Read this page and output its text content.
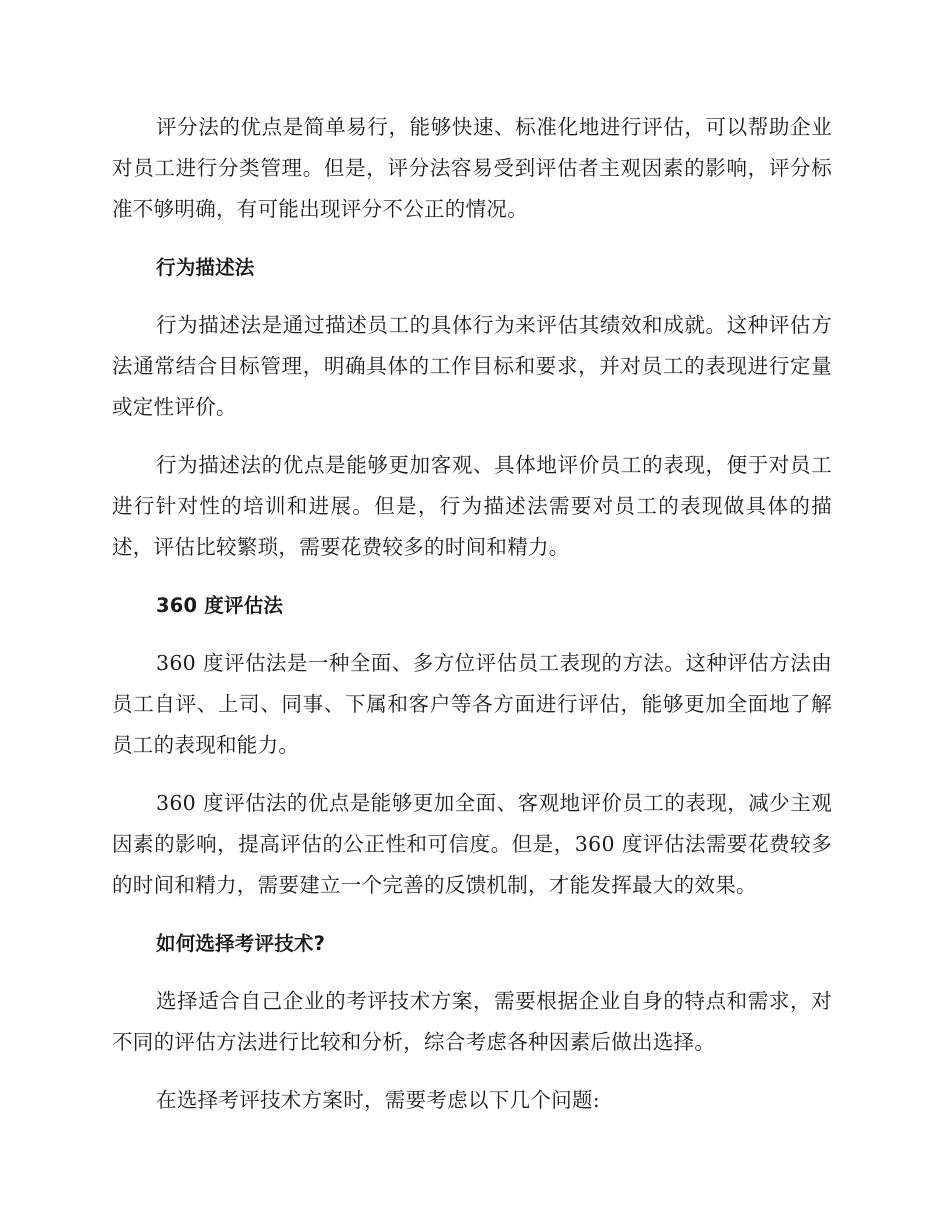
评分法的优点是简单易行，能够快速、标准化地进行评估，可以帮助企业对员工进行分类管理。但是，评分法容易受到评估者主观因素的影响，评分标准不够明确，有可能出现评分不公正的情况。

行为描述法

行为描述法是通过描述员工的具体行为来评估其绩效和成就。这种评估方法通常结合目标管理，明确具体的工作目标和要求，并对员工的表现进行定量或定性评价。

行为描述法的优点是能够更加客观、具体地评价员工的表现，便于对员工进行针对性的培训和进展。但是，行为描述法需要对员工的表现做具体的描述，评估比较繁琐，需要花费较多的时间和精力。

360 度评估法

360 度评估法是一种全面、多方位评估员工表现的方法。这种评估方法由员工自评、上司、同事、下属和客户等各方面进行评估，能够更加全面地了解员工的表现和能力。

360 度评估法的优点是能够更加全面、客观地评价员工的表现，减少主观因素的影响，提高评估的公正性和可信度。但是，360 度评估法需要花费较多的时间和精力，需要建立一个完善的反馈机制，才能发挥最大的效果。

如何选择考评技术?

选择适合自己企业的考评技术方案，需要根据企业自身的特点和需求，对不同的评估方法进行比较和分析，综合考虑各种因素后做出选择。

在选择考评技术方案时，需要考虑以下几个问题:
